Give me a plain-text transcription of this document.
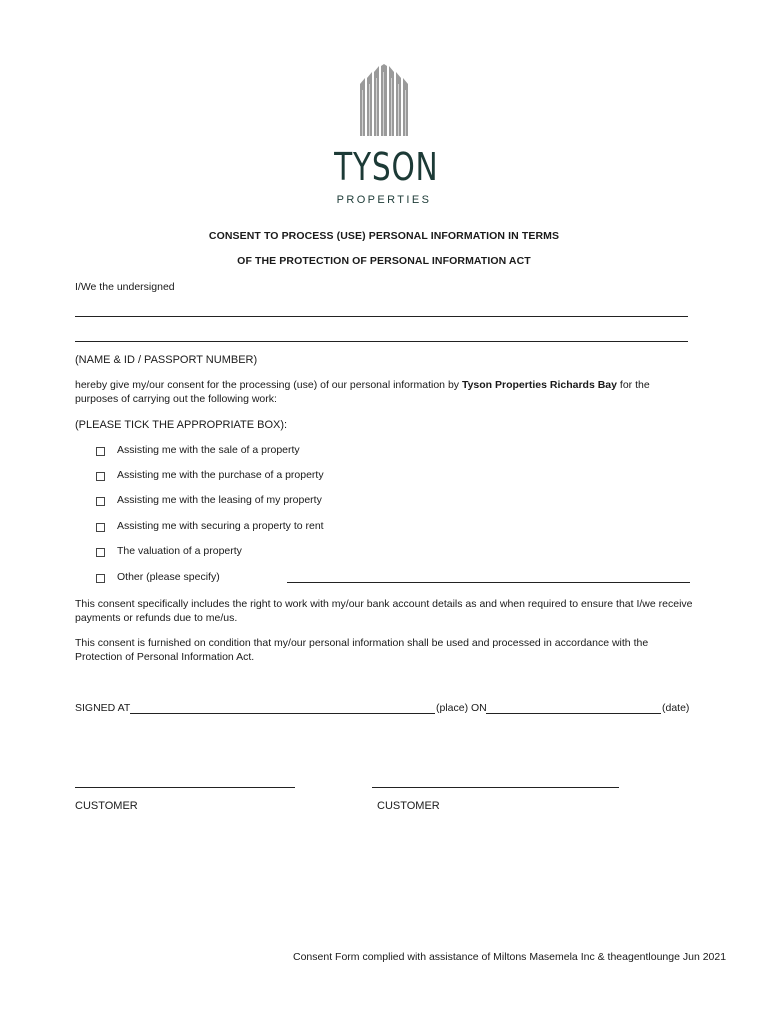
TYSON
PROPERTIES
CONSENT TO PROCESS (USE) PERSONAL INFORMATION IN TERMS
OF THE PROTECTION OF PERSONAL INFORMATION ACT
I/We the undersigned
(NAME & ID / PASSPORT NUMBER)
hereby give my/our consent for the processing (use) of our personal information by Tyson Properties Richards Bay for the purposes of carrying out the following work:
(PLEASE TICK THE APPROPRIATE BOX):
Assisting me with the sale of a property
Assisting me with the purchase of a property
Assisting me with the leasing of my property
Assisting me with securing a property to rent
The valuation of a property
Other (please specify)
This consent specifically includes the right to work with my/our bank account details as and when required to ensure that I/we receive payments or refunds due to me/us.
This consent is furnished on condition that my/our personal information shall be used and processed in accordance with the Protection of Personal Information Act.
SIGNED AT	(place) ON	(date)
CUSTOMER	CUSTOMER
Consent Form complied with assistance of Miltons Masemela Inc & theagentlounge Jun 2021
